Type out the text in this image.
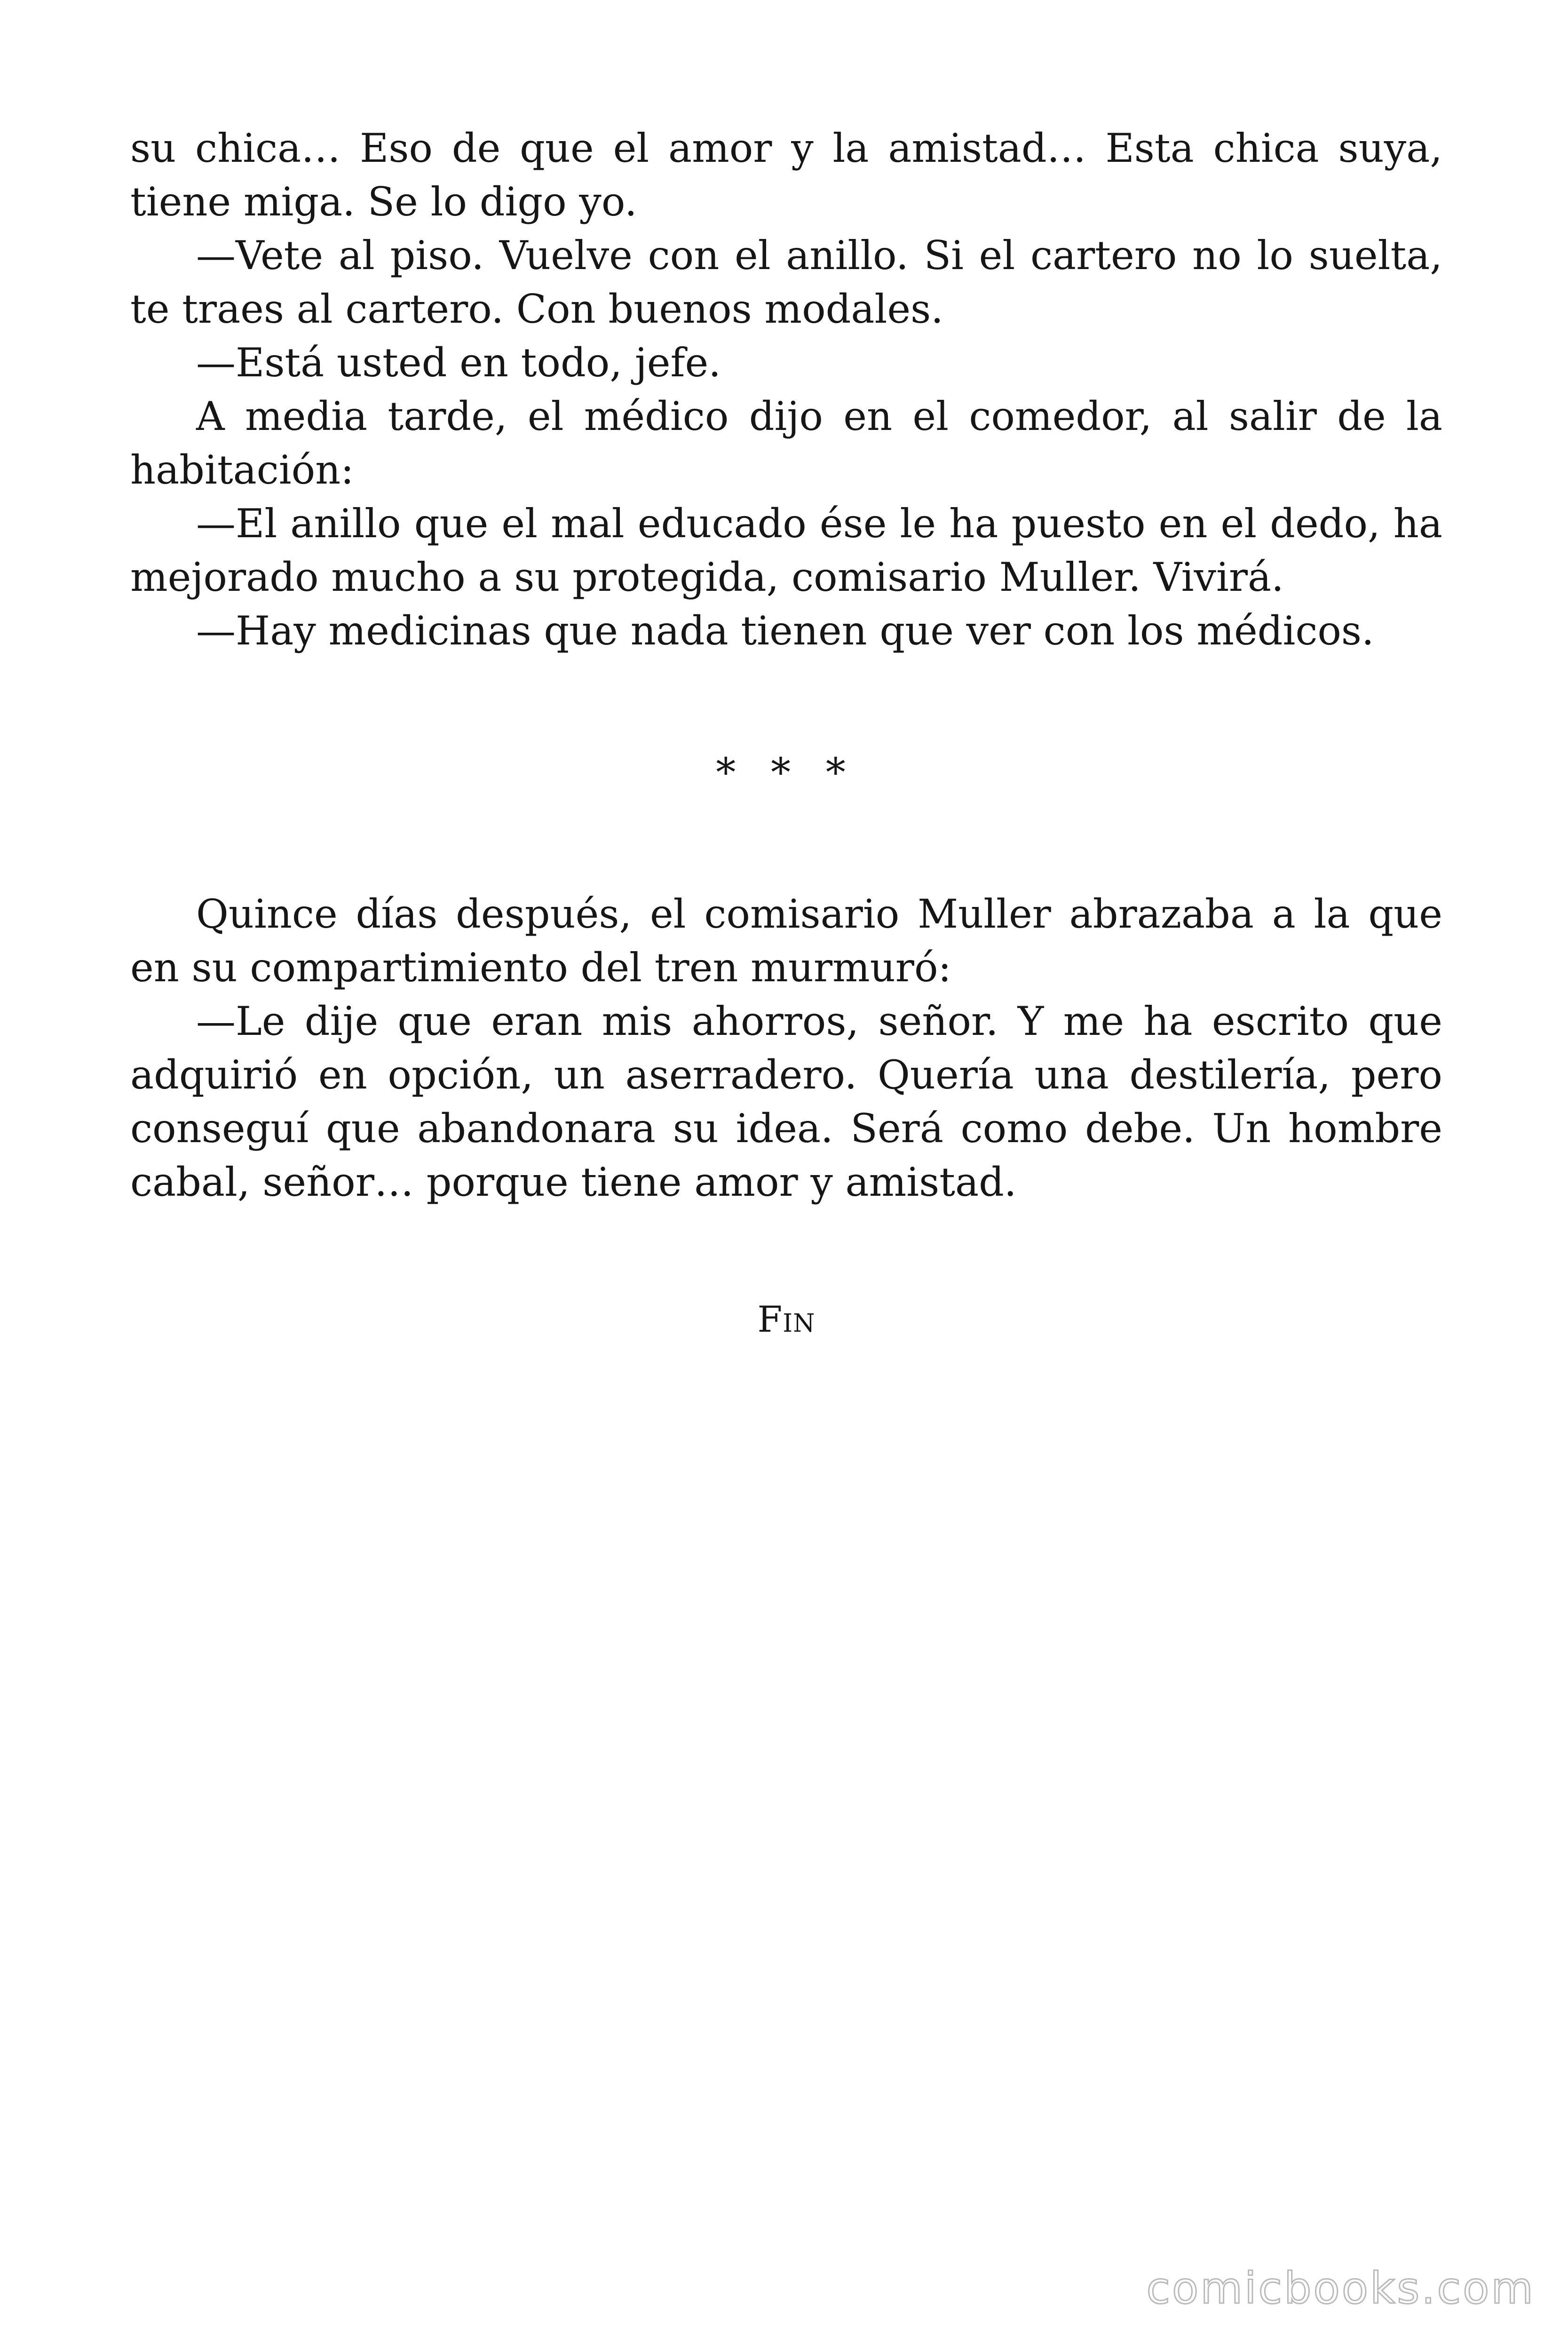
su chica… Eso de que el amor y la amistad… Esta chica suya, tiene miga. Se lo digo yo.

—Vete al piso. Vuelve con el anillo. Si el cartero no lo suelta, te traes al cartero. Con buenos modales.

—Está usted en todo, jefe.

A media tarde, el médico dijo en el comedor, al salir de la habitación:

—El anillo que el mal educado ése le ha puesto en el dedo, ha mejorado mucho a su protegida, comisario Muller. Vivirá.

—Hay medicinas que nada tienen que ver con los médicos.

* * *

Quince días después, el comisario Muller abrazaba a la que en su compartimiento del tren murmuró:

—Le dije que eran mis ahorros, señor. Y me ha escrito que adquirió en opción, un aserradero. Quería una destilería, pero conseguí que abandonara su idea. Será como debe. Un hombre cabal, señor… porque tiene amor y amistad.

Fin

comicbooks.com
